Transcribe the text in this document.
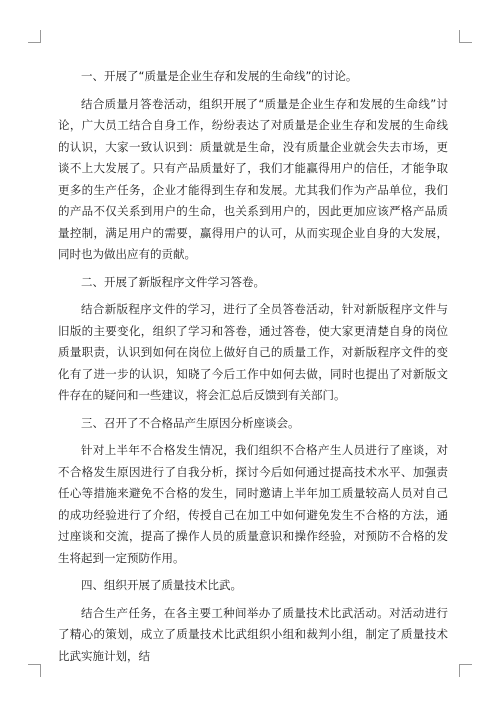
一、开展了“质量是企业生存和发展的生命线”的讨论。

结合质量月答卷活动，组织开展了“质量是企业生存和发展的生命线”讨论，广大员工结合自身工作，纷纷表达了对质量是企业生存和发展的生命线的认识，大家一致认识到：质量就是生命，没有质量企业就会失去市场，更谈不上大发展了。只有产品质量好了，我们才能赢得用户的信任，才能争取更多的生产任务，企业才能得到生存和发展。尤其我们作为产品单位，我们的产品不仅关系到用户的生命，也关系到用户的，因此更加应该严格产品质量控制，满足用户的需要，赢得用户的认可，从而实现企业自身的大发展，同时也为做出应有的贡献。

二、开展了新版程序文件学习答卷。

结合新版程序文件的学习，进行了全员答卷活动，针对新版程序文件与旧版的主要变化，组织了学习和答卷，通过答卷，使大家更清楚自身的岗位质量职责，认识到如何在岗位上做好自己的质量工作，对新版程序文件的变化有了进一步的认识，知晓了今后工作中如何去做，同时也提出了对新版文件存在的疑问和一些建议，将会汇总后反馈到有关部门。

三、召开了不合格品产生原因分析座谈会。

针对上半年不合格发生情况，我们组织不合格产生人员进行了座谈，对不合格发生原因进行了自我分析，探讨今后如何通过提高技术水平、加强责任心等措施来避免不合格的发生，同时邀请上半年加工质量较高人员对自己的成功经验进行了介绍，传授自己在加工中如何避免发生不合格的方法，通过座谈和交流，提高了操作人员的质量意识和操作经验，对预防不合格的发生将起到一定预防作用。

四、组织开展了质量技术比武。

结合生产任务，在各主要工种间举办了质量技术比武活动。对活动进行了精心的策划，成立了质量技术比武组织小组和裁判小组，制定了质量技术比武实施计划，结
